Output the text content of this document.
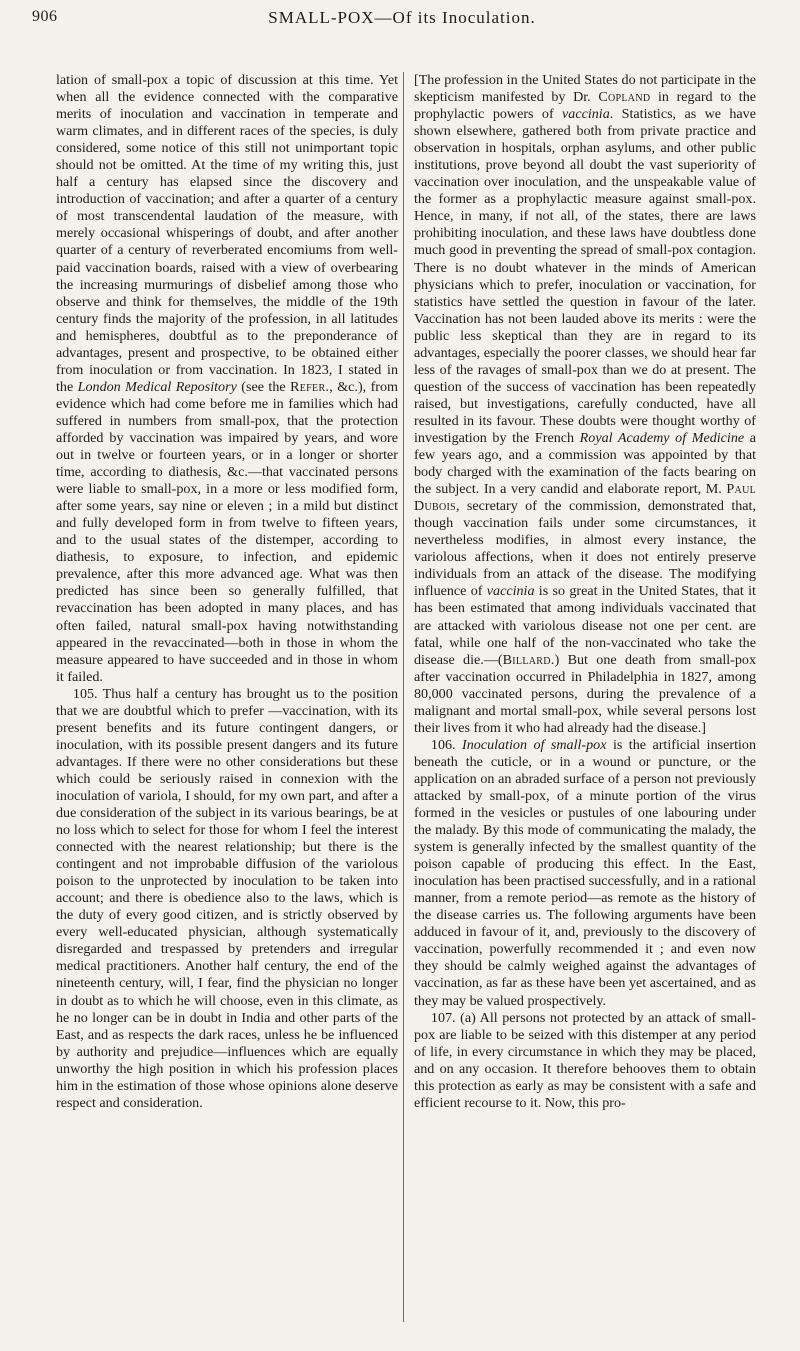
906	SMALL-POX—Of its Inoculation.

lation of small-pox a topic of discussion at this time. Yet when all the evidence connected with the comparative merits of inoculation and vaccination in temperate and warm climates, and in different races of the species, is duly considered, some notice of this still not unimportant topic should not be omitted. At the time of my writing this, just half a century has elapsed since the discovery and introduction of vaccination; and after a quarter of a century of most transcendental laudation of the measure, with merely occasional whisperings of doubt, and after another quarter of a century of reverberated encomiums from well-paid vaccination boards, raised with a view of overbearing the increasing murmurings of disbelief among those who observe and think for themselves, the middle of the 19th century finds the majority of the profession, in all latitudes and hemispheres, doubtful as to the preponderance of advantages, present and prospective, to be obtained either from inoculation or from vaccination. In 1823, I stated in the London Medical Repository (see the Refer., &c.), from evidence which had come before me in families which had suffered in numbers from small-pox, that the protection afforded by vaccination was impaired by years, and wore out in twelve or fourteen years, or in a longer or shorter time, according to diathesis, &c.—that vaccinated persons were liable to small-pox, in a more or less modified form, after some years, say nine or eleven ; in a mild but distinct and fully developed form in from twelve to fifteen years, and to the usual states of the distemper, according to diathesis, to exposure, to infection, and epidemic prevalence, after this more advanced age. What was then predicted has since been so generally fulfilled, that revaccination has been adopted in many places, and has often failed, natural small-pox having notwithstanding appeared in the revaccinated—both in those in whom the measure appeared to have succeeded and in those in whom it failed.

105. Thus half a century has brought us to the position that we are doubtful which to prefer —vaccination, with its present benefits and its future contingent dangers, or inoculation, with its possible present dangers and its future advantages. If there were no other considerations but these which could be seriously raised in connexion with the inoculation of variola, I should, for my own part, and after a due consideration of the subject in its various bearings, be at no loss which to select for those for whom I feel the interest connected with the nearest relationship; but there is the contingent and not improbable diffusion of the variolous poison to the unprotected by inoculation to be taken into account; and there is obedience also to the laws, which is the duty of every good citizen, and is strictly observed by every well-educated physician, although systematically disregarded and trespassed by pretenders and irregular medical practitioners. Another half century, the end of the nineteenth century, will, I fear, find the physician no longer in doubt as to which he will choose, even in this climate, as he no longer can be in doubt in India and other parts of the East, and as respects the dark races, unless he be influenced by authority and prejudice—influences which are equally unworthy the high position in which his profession places him in the estimation of those whose opinions alone deserve respect and consideration.

[The profession in the United States do not participate in the skepticism manifested by Dr. Copland in regard to the prophylactic powers of vaccinia. Statistics, as we have shown elsewhere, gathered both from private practice and observation in hospitals, orphan asylums, and other public institutions, prove beyond all doubt the vast superiority of vaccination over inoculation, and the unspeakable value of the former as a prophylactic measure against small-pox. Hence, in many, if not all, of the states, there are laws prohibiting inoculation, and these laws have doubtless done much good in preventing the spread of small-pox contagion. There is no doubt whatever in the minds of American physicians which to prefer, inoculation or vaccination, for statistics have settled the question in favour of the later. Vaccination has not been lauded above its merits : were the public less skeptical than they are in regard to its advantages, especially the poorer classes, we should hear far less of the ravages of small-pox than we do at present. The question of the success of vaccination has been repeatedly raised, but investigations, carefully conducted, have all resulted in its favour. These doubts were thought worthy of investigation by the French Royal Academy of Medicine a few years ago, and a commission was appointed by that body charged with the examination of the facts bearing on the subject. In a very candid and elaborate report, M. Paul Dubois, secretary of the commission, demonstrated that, though vaccination fails under some circumstances, it nevertheless modifies, in almost every instance, the variolous affections, when it does not entirely preserve individuals from an attack of the disease. The modifying influence of vaccinia is so great in the United States, that it has been estimated that among individuals vaccinated that are attacked with variolous disease not one per cent. are fatal, while one half of the non-vaccinated who take the disease die.—(Billard.) But one death from small-pox after vaccination occurred in Philadelphia in 1827, among 80,000 vaccinated persons, during the prevalence of a malignant and mortal small-pox, while several persons lost their lives from it who had already had the disease.]

106. Inoculation of small-pox is the artificial insertion beneath the cuticle, or in a wound or puncture, or the application on an abraded surface of a person not previously attacked by small-pox, of a minute portion of the virus formed in the vesicles or pustules of one labouring under the malady. By this mode of communicating the malady, the system is generally infected by the smallest quantity of the poison capable of producing this effect. In the East, inoculation has been practised successfully, and in a rational manner, from a remote period—as remote as the history of the disease carries us. The following arguments have been adduced in favour of it, and, previously to the discovery of vaccination, powerfully recommended it ; and even now they should be calmly weighed against the advantages of vaccination, as far as these have been yet ascertained, and as they may be valued prospectively.

107. (a) All persons not protected by an attack of small-pox are liable to be seized with this distemper at any period of life, in every circumstance in which they may be placed, and on any occasion. It therefore behooves them to obtain this protection as early as may be consistent with a safe and efficient recourse to it. Now, this pro-
